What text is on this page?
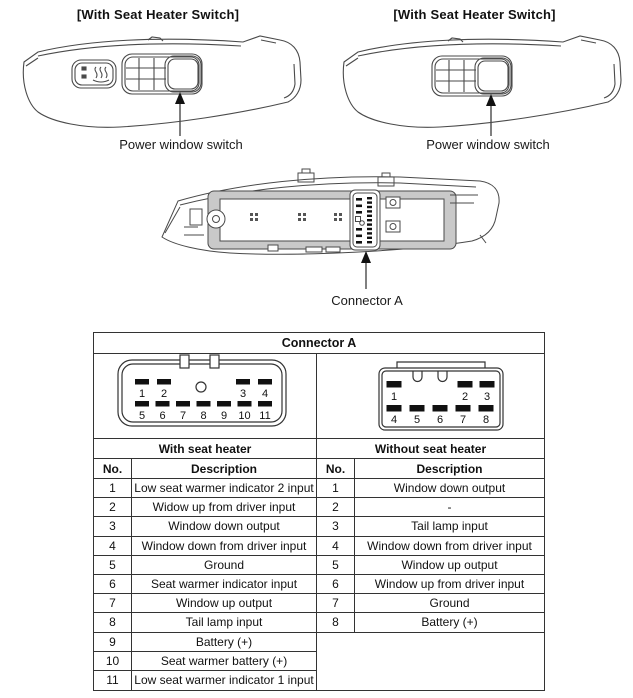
[With Seat Heater Switch]	[With Seat Heater Switch]
Power window switch	Power window switch
Connector A
Connector A
1 2	3 4
5 6 7 8 9 10 11
1	2 3
4 5 6 7 8
With seat heater
No.	Description
1	Low seat warmer indicator 2 input
2	Widow up from driver input
3	Window down output
4	Window down from driver input
5	Ground
6	Seat warmer indicator input
7	Window up output
8	Tail lamp input
9	Battery (+)
10	Seat warmer battery (+)
11	Low seat warmer indicator 1 input
Without seat heater
No.	Description
1	Window down output
2	-
3	Tail lamp input
4	Window down from driver input
5	Window up output
6	Window up from driver input
7	Ground
8	Battery (+)
